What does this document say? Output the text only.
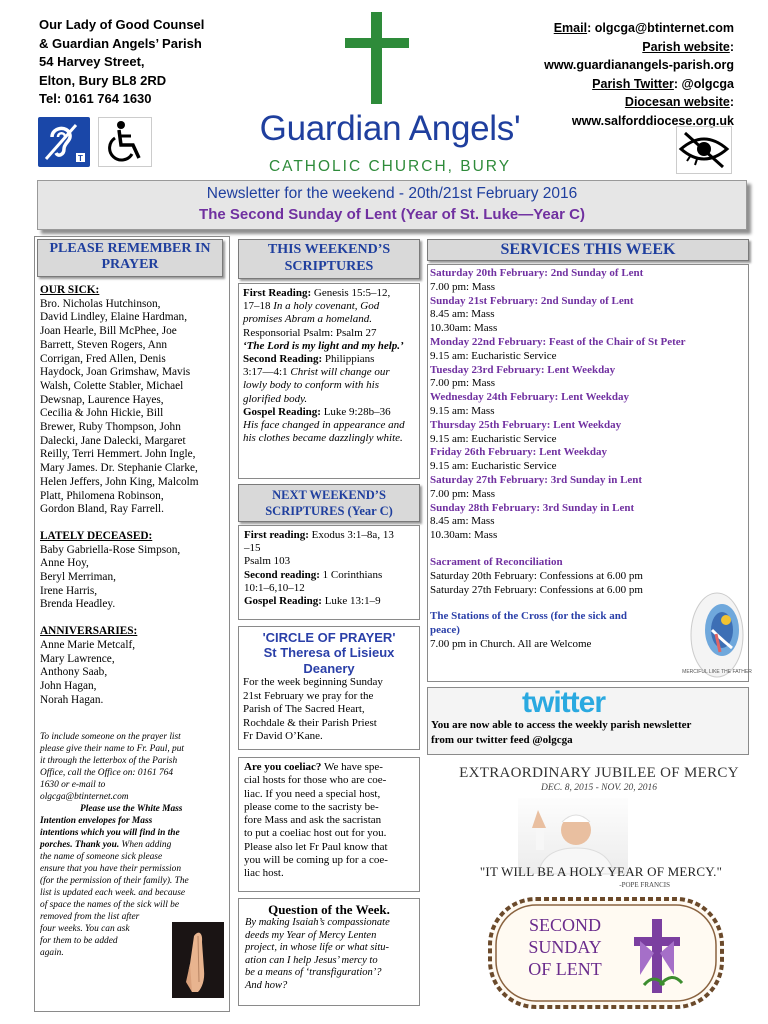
Our Lady of Good Counsel
& Guardian Angels’ Parish
54 Harvey Street,
Elton, Bury BL8 2RD
Tel: 0161 764 1630
T
Guardian Angels'
CATHOLIC CHURCH, BURY
Email: olgcga@btinternet.com
Parish website:
www.guardianangels-parish.org
Parish Twitter: @olgcga
Diocesan website:
www.salforddiocese.org.uk
Newsletter for the weekend - 20th/21st February 2016
The Second Sunday of Lent (Year of St. Luke—Year C)
PLEASE REMEMBER IN PRAYER
OUR SICK:
Bro. Nicholas Hutchinson,
David Lindley, Elaine Hardman,
Joan Hearle, Bill McPhee, Joe
Barrett, Steven Rogers, Ann
Corrigan, Fred Allen, Denis
Haydock, Joan Grimshaw, Mavis
Walsh, Colette Stabler, Michael
Dewsnap, Laurence Hayes,
Cecilia & John Hickie, Bill
Brewer, Ruby Thompson, John
Dalecki, Jane Dalecki, Margaret
Reilly, Terri Hemmert. John Ingle,
Mary James. Dr. Stephanie Clarke,
Helen Jeffers, John King, Malcolm
Platt, Philomena Robinson,
Gordon Bland, Ray Farrell.
LATELY DECEASED:
Baby Gabriella-Rose Simpson,
Anne Hoy,
Beryl Merriman,
Irene Harris,
Brenda Headley.
ANNIVERSARIES:
Anne Marie Metcalf,
Mary Lawrence,
Anthony Saab,
John Hagan,
Norah Hagan.
To include someone on the prayer list
please give their name to Fr. Paul, put
it through the letterbox of the Parish
Office, call the Office on: 0161 764
1630 or e-mail to
olgcga@btinternet.com
Please use the White Mass
Intention envelopes for Mass
intentions which you will find in the
porches. Thank you. When adding
the name of someone sick please
ensure that you have their permission
(for the permission of their family). The
list is updated each week. and because
of space the names of the sick will be
removed from the list after
four weeks. You can ask
for them to be added
again.
THIS WEEKEND’S SCRIPTURES
First Reading: Genesis 15:5–12,
17–18 In a holy covenant, God promises Abram a homeland.
Responsorial Psalm: Psalm 27
‘The Lord is my light and my help.’
Second Reading: Philippians
3:17—4:1 Christ will change our lowly body to conform with his glorified body.
Gospel Reading: Luke 9:28b–36
His face changed in appearance and his clothes became dazzlingly white.
NEXT WEEKEND’S SCRIPTURES (Year C)
First reading: Exodus 3:1–8a, 13
–15
Psalm 103
Second reading: 1 Corinthians
10:1–6,10–12
Gospel Reading: Luke 13:1–9
'CIRCLE OF PRAYER'
St Theresa of Lisieux
Deanery
For the week beginning Sunday
21st February we pray for the
Parish of The Sacred Heart,
Rochdale & their Parish Priest
Fr David O’Kane.
Are you coeliac? We have spe-
cial hosts for those who are coe-
liac. If you need a special host,
please come to the sacristy be-
fore Mass and ask the sacristan
to put a coeliac host out for you.
Please also let Fr Paul know that
you will be coming up for a coe-
liac host.
Question of the Week.
By making Isaiah’s compassionate
deeds my Year of Mercy Lenten
project, in whose life or what situ-
ation can I help Jesus’ mercy to
be a means of ‘transfiguration’?
And how?
SERVICES THIS WEEK
Saturday 20th February: 2nd Sunday of Lent
7.00 pm: Mass
Sunday 21st February: 2nd Sunday of Lent
8.45 am: Mass
10.30am: Mass
Monday 22nd February: Feast of the Chair of St Peter
9.15 am: Eucharistic Service
Tuesday 23rd February: Lent Weekday
7.00 pm: Mass
Wednesday 24th February: Lent Weekday
9.15 am: Mass
Thursday 25th February: Lent Weekday
9.15 am: Eucharistic Service
Friday 26th February: Lent Weekday
9.15 am: Eucharistic Service
Saturday 27th February: 3rd Sunday in Lent
7.00 pm: Mass
Sunday 28th February: 3rd Sunday in Lent
8.45 am: Mass
10.30am: Mass
Sacrament of Reconciliation
Saturday 20th February: Confessions at 6.00 pm
Saturday 27th February: Confessions at 6.00 pm
The Stations of the Cross (for the sick and
peace)
7.00 pm in Church. All are Welcome
MERCIFUL LIKE THE FATHER
twitter
You are now able to access the weekly parish newsletter
from our twitter feed @olgcga
EXTRAORDINARY JUBILEE OF MERCY
DEC. 8, 2015 - NOV. 20, 2016
"IT WILL BE A HOLY YEAR OF MERCY."
-POPE FRANCIS
SECOND
SUNDAY
OF LENT
